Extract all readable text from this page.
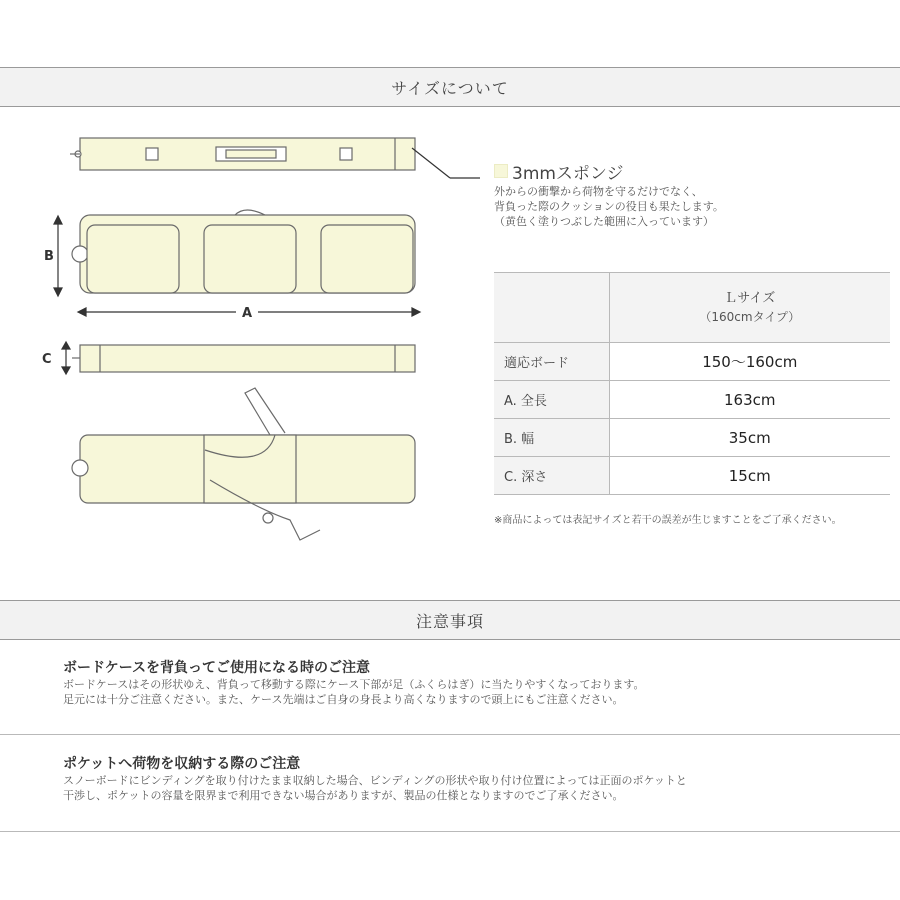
サイズについて
B
A
C
3mmスポンジ
外からの衝撃から荷物を守るだけでなく、
背負った際のクッションの役目も果たします。
（黄色く塗りつぶした範囲に入っています）

	Ｌサイズ
（160cmタイプ）

適応ボード	150〜160cm
A. 全長	163cm
B. 幅	35cm
C. 深さ	15cm
※商品によっては表記サイズと若干の誤差が生じますことをご了承ください。
注意事項
ボードケースを背負ってご使用になる時のご注意
ボードケースはその形状ゆえ、背負って移動する際にケース下部が足（ふくらはぎ）に当たりやすくなっております。
足元には十分ご注意ください。また、ケース先端はご自身の身長より高くなりますので頭上にもご注意ください。
ポケットへ荷物を収納する際のご注意
スノーボードにビンディングを取り付けたまま収納した場合、ビンディングの形状や取り付け位置によっては正面のポケットと
干渉し、ポケットの容量を限界まで利用できない場合がありますが、製品の仕様となりますのでご了承ください。
